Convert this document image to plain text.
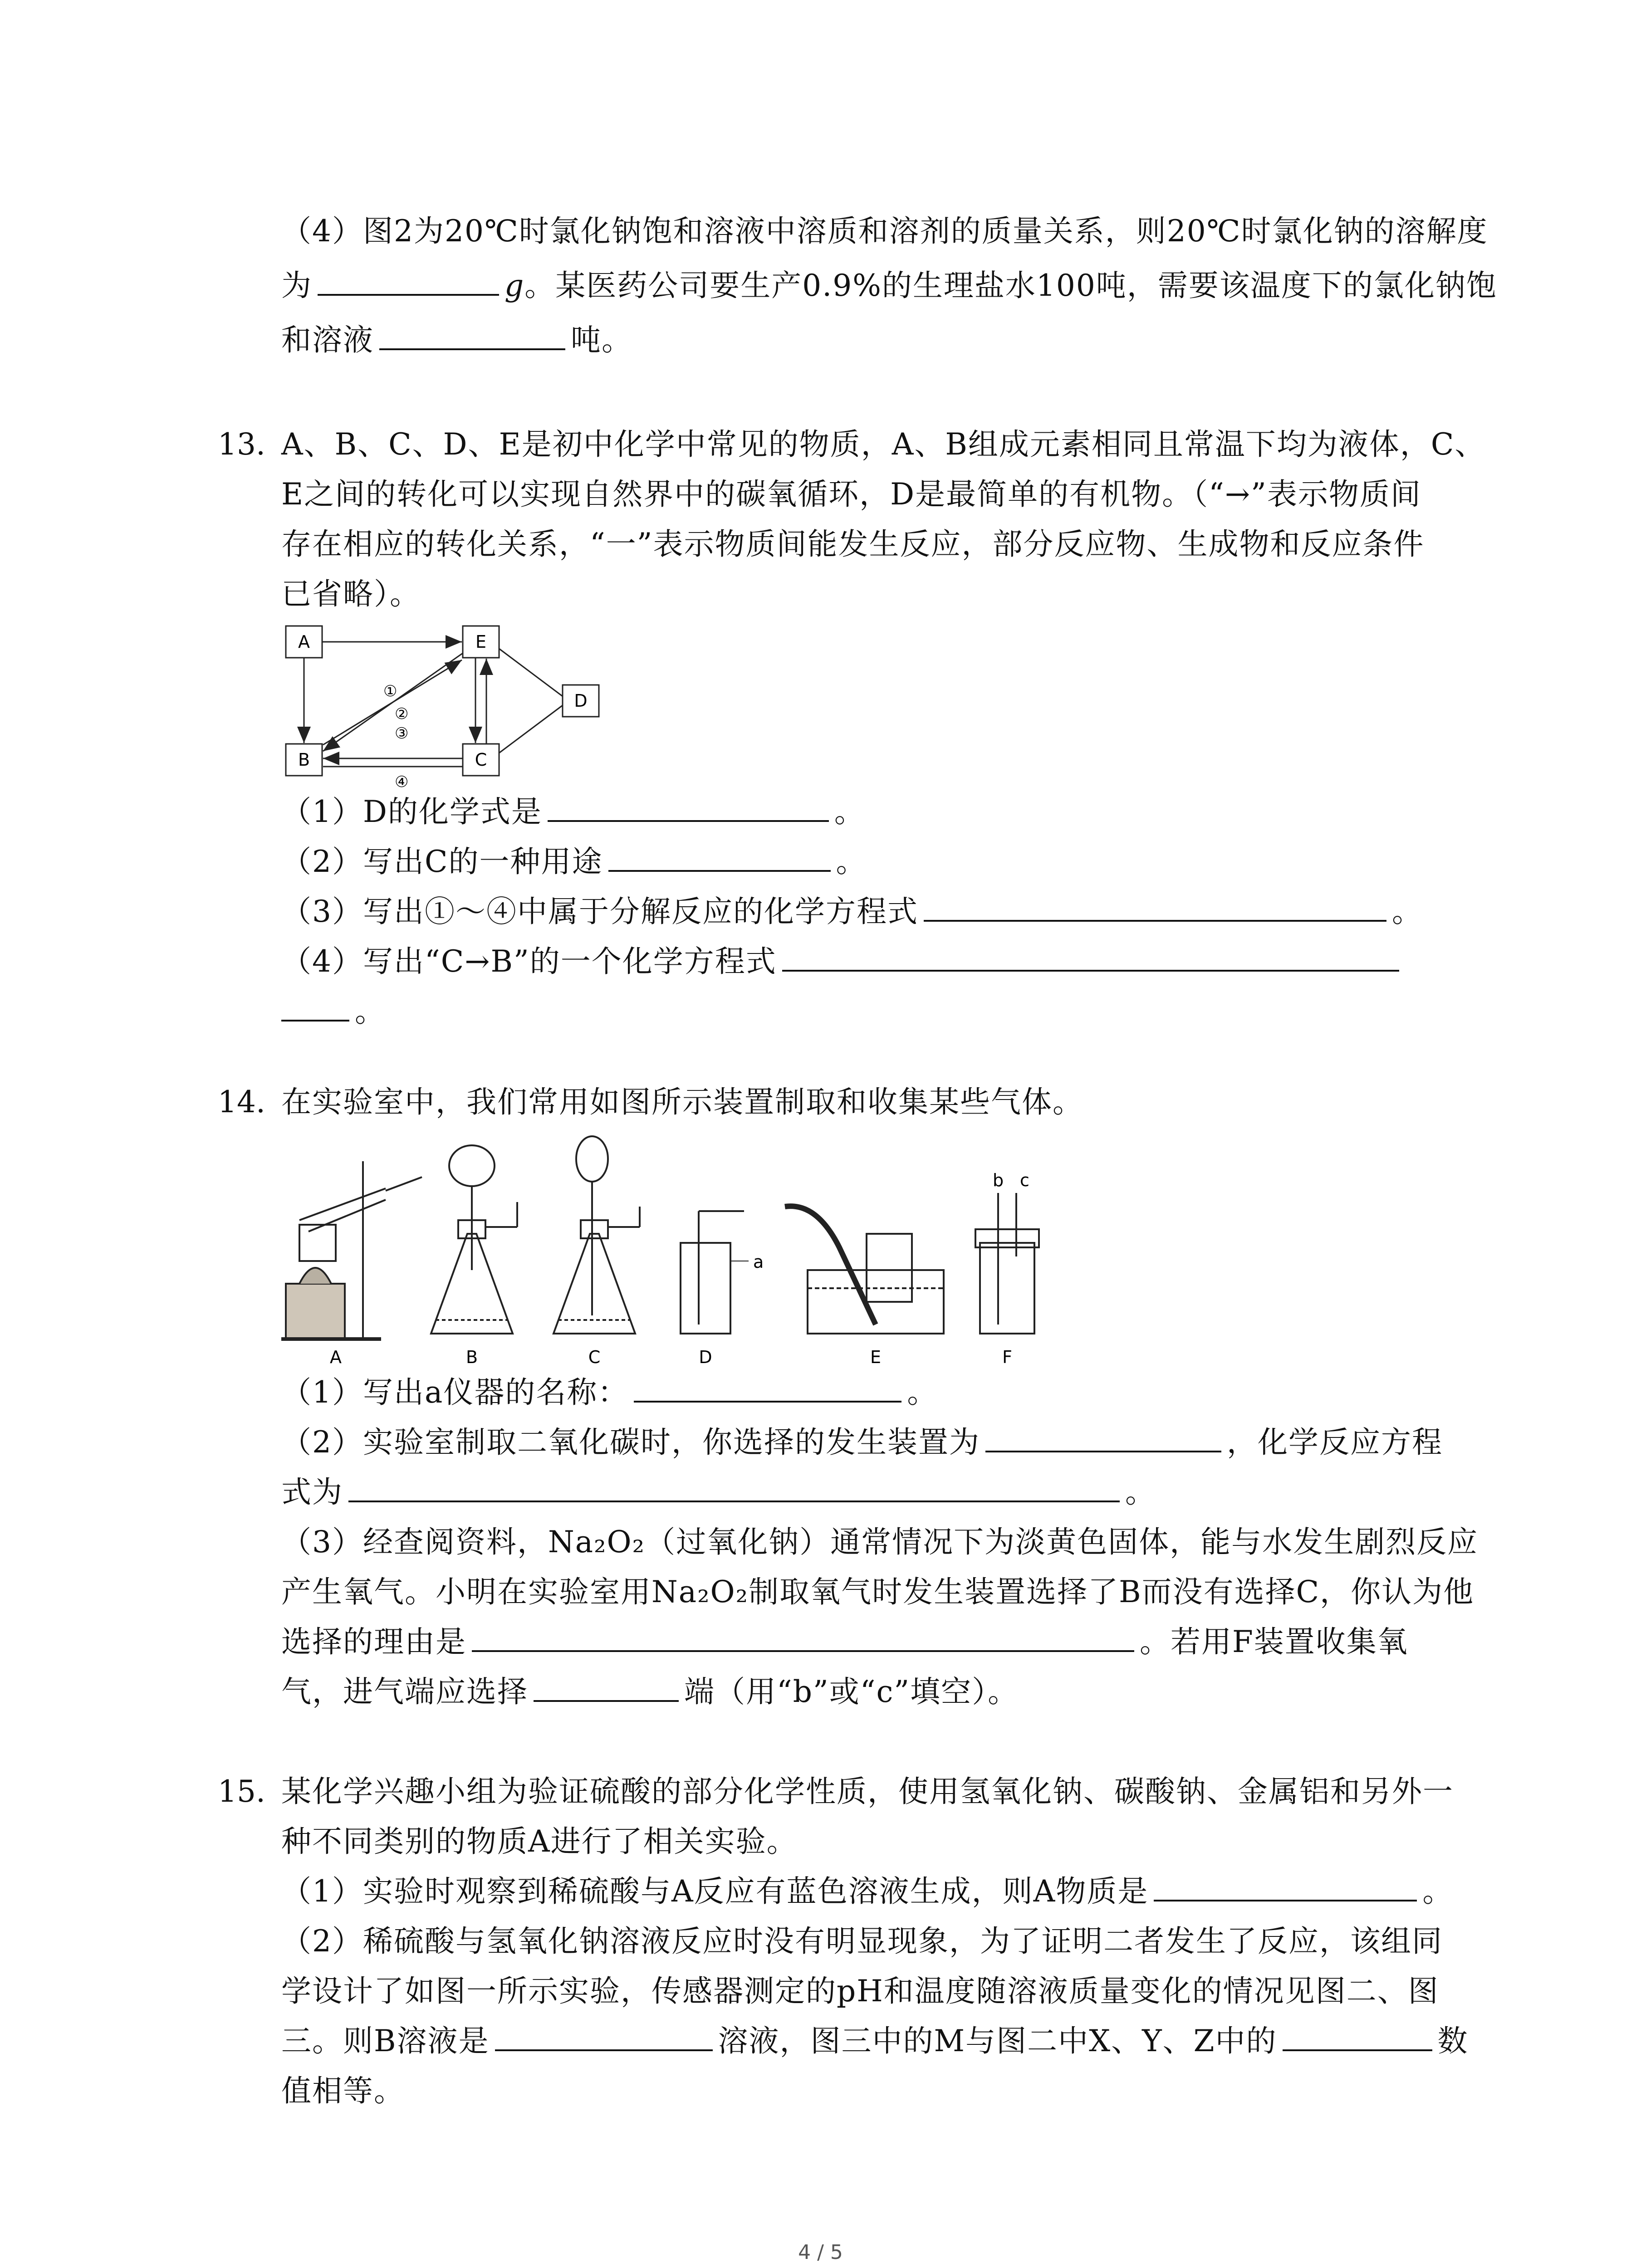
（4）图2为20℃时氯化钠饱和溶液中溶质和溶剂的质量关系，则20℃时氯化钠的溶解度
为	g。某医药公司要生产0.9%的生理盐水100吨，需要该温度下的氯化钠饱
和溶液	吨。
13. A、B、C、D、E是初中化学中常见的物质，A、B组成元素相同且常温下均为液体，C、
E之间的转化可以实现自然界中的碳氧循环，D是最简单的有机物。（“→”表示物质间
存在相应的转化关系，“一”表示物质间能发生反应，部分反应物、生成物和反应条件
已省略）。
A	E
B	C
D
①
②
③
④
（1）D的化学式是	。
（2）写出C的一种用途	。
（3）写出①～④中属于分解反应的化学方程式	。
（4）写出“C→B”的一个化学方程式
。
14. 在实验室中，我们常用如图所示装置制取和收集某些气体。
a
b c
A	B	C	D	E	F
（1）写出a仪器的名称：	。
（2）实验室制取二氧化碳时，你选择的发生装置为	，化学反应方程
式为	。
（3）经查阅资料，Na₂O₂（过氧化钠）通常情况下为淡黄色固体，能与水发生剧烈反应
产生氧气。小明在实验室用Na₂O₂制取氧气时发生装置选择了B而没有选择C，你认为他
选择的理由是	。若用F装置收集氧
气，进气端应选择	端（用“b”或“c”填空）。
15. 某化学兴趣小组为验证硫酸的部分化学性质，使用氢氧化钠、碳酸钠、金属铝和另外一
种不同类别的物质A进行了相关实验。
（1）实验时观察到稀硫酸与A反应有蓝色溶液生成，则A物质是	。
（2）稀硫酸与氢氧化钠溶液反应时没有明显现象，为了证明二者发生了反应，该组同
学设计了如图一所示实验，传感器测定的pH和温度随溶液质量变化的情况见图二、图
三。则B溶液是	溶液，图三中的M与图二中X、Y、Z中的	数
值相等。
4 / 5
